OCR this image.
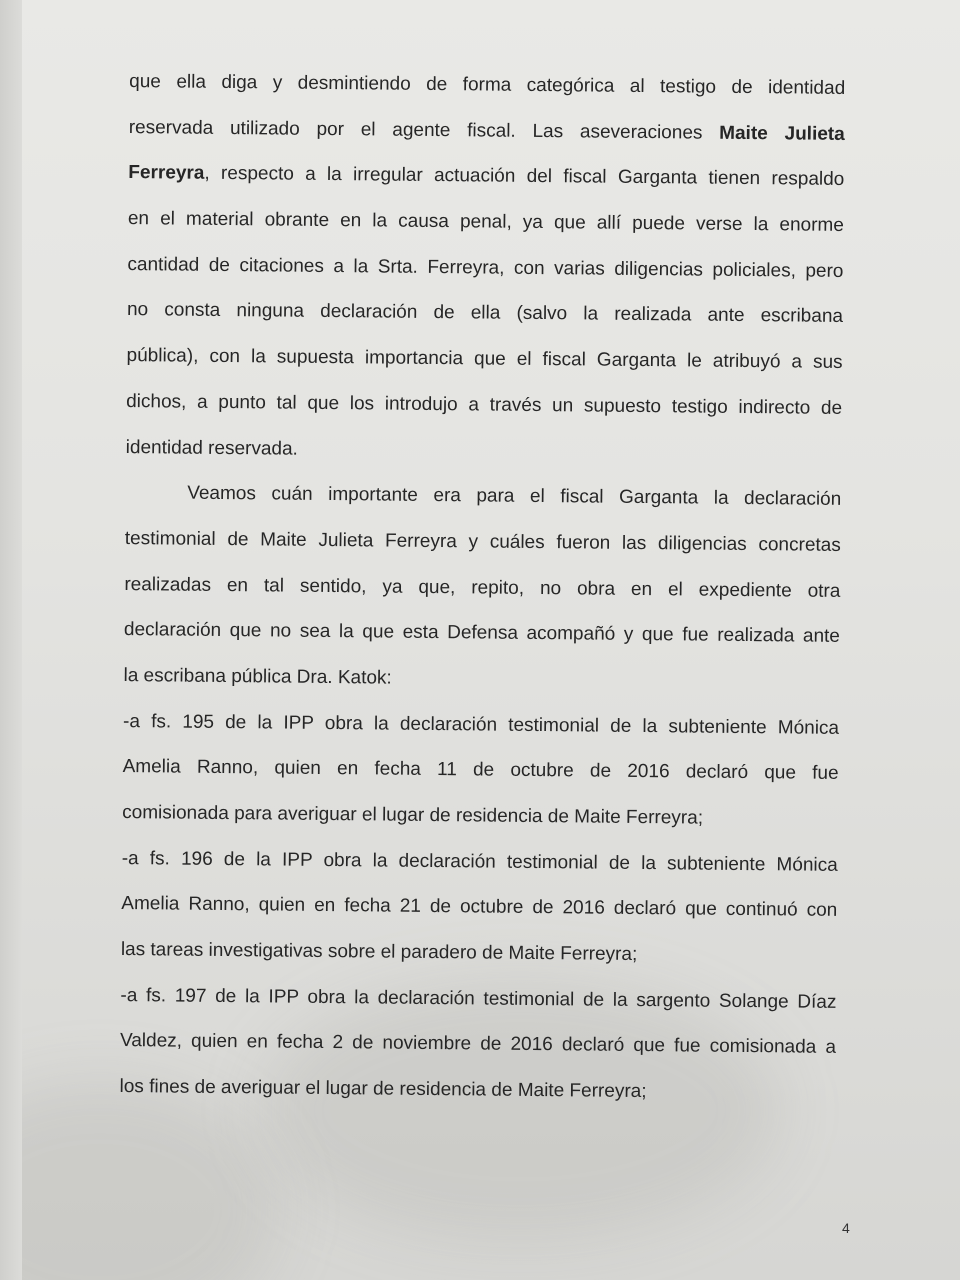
que ella diga y desmintiendo de forma categórica al testigo de identidad
reservada utilizado por el agente fiscal. Las aseveraciones Maite Julieta
Ferreyra, respecto a la irregular actuación del fiscal Garganta tienen respaldo
en el material obrante en la causa penal, ya que allí puede verse la enorme
cantidad de citaciones a la Srta. Ferreyra, con varias diligencias policiales, pero
no consta ninguna declaración de ella (salvo la realizada ante escribana
pública), con la supuesta importancia que el fiscal Garganta le atribuyó a sus
dichos, a punto tal que los introdujo a través un supuesto testigo indirecto de
identidad reservada.
Veamos cuán importante era para el fiscal Garganta la declaración
testimonial de Maite Julieta Ferreyra y cuáles fueron las diligencias concretas
realizadas en tal sentido, ya que, repito, no obra en el expediente otra
declaración que no sea la que esta Defensa acompañó y que fue realizada ante
la escribana pública Dra. Katok:
-a fs. 195 de la IPP obra la declaración testimonial de la subteniente Mónica
Amelia Ranno, quien en fecha 11 de octubre de 2016 declaró que fue
comisionada para averiguar el lugar de residencia de Maite Ferreyra;
-a fs. 196 de la IPP obra la declaración testimonial de la subteniente Mónica
Amelia Ranno, quien en fecha 21 de octubre de 2016 declaró que continuó con
las tareas investigativas sobre el paradero de Maite Ferreyra;
-a fs. 197 de la IPP obra la declaración testimonial de la sargento Solange Díaz
Valdez, quien en fecha 2 de noviembre de 2016 declaró que fue comisionada a
los fines de averiguar el lugar de residencia de Maite Ferreyra;
4
